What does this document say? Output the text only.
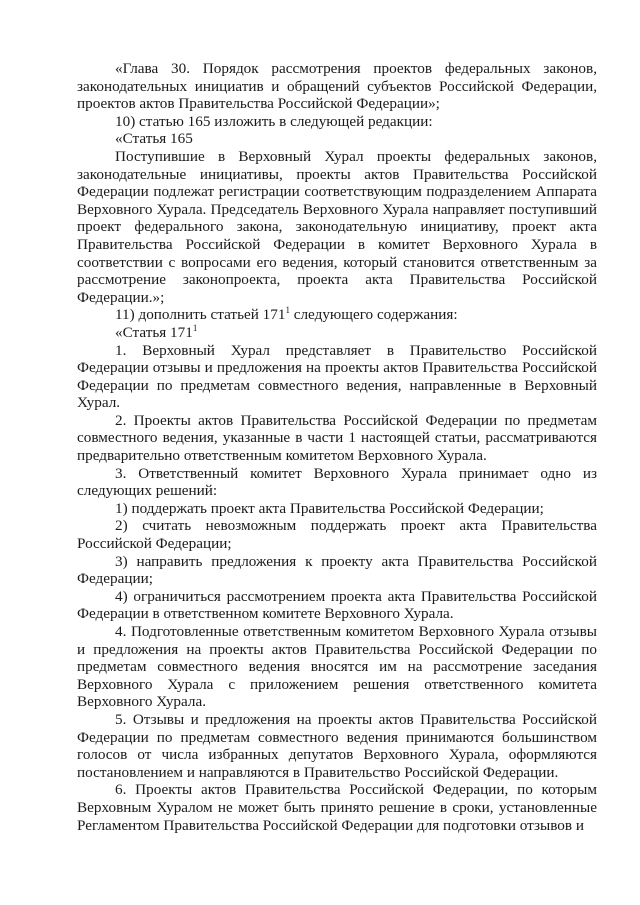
«Глава 30. Порядок рассмотрения проектов федеральных законов, законодательных инициатив и обращений субъектов Российской Федерации, проектов актов Правительства Российской Федерации»;

10) статью 165 изложить в следующей редакции:

«Статья 165

Поступившие в Верховный Хурал проекты федеральных законов, законодательные инициативы, проекты актов Правительства Российской Федерации подлежат регистрации соответствующим подразделением Аппарата Верховного Хурала. Председатель Верховного Хурала направляет поступивший проект федерального закона, законодательную инициативу, проект акта Правительства Российской Федерации в комитет Верховного Хурала в соответствии с вопросами его ведения, который становится ответственным за рассмотрение законопроекта, проекта акта Правительства Российской Федерации.»;

11) дополнить статьей $171^1$ следующего содержания:

«Статья $171^1$

1. Верховный Хурал представляет в Правительство Российской Федерации отзывы и предложения на проекты актов Правительства Российской Федерации по предметам совместного ведения, направленные в Верховный Хурал.

2. Проекты актов Правительства Российской Федерации по предметам совместного ведения, указанные в части 1 настоящей статьи, рассматриваются предварительно ответственным комитетом Верховного Хурала.

3. Ответственный комитет Верховного Хурала принимает одно из следующих решений:

1) поддержать проект акта Правительства Российской Федерации;

2) считать невозможным поддержать проект акта Правительства Российской Федерации;

3) направить предложения к проекту акта Правительства Российской Федерации;

4) ограничиться рассмотрением проекта акта Правительства Российской Федерации в ответственном комитете Верховного Хурала.

4. Подготовленные ответственным комитетом Верховного Хурала отзывы и предложения на проекты актов Правительства Российской Федерации по предметам совместного ведения вносятся им на рассмотрение заседания Верховного Хурала с приложением решения ответственного комитета Верховного Хурала.

5. Отзывы и предложения на проекты актов Правительства Российской Федерации по предметам совместного ведения принимаются большинством голосов от числа избранных депутатов Верховного Хурала, оформляются постановлением и направляются в Правительство Российской Федерации.

6. Проекты актов Правительства Российской Федерации, по которым Верховным Хуралом не может быть принято решение в сроки, установленные Регламентом Правительства Российской Федерации для подготовки отзывов и
